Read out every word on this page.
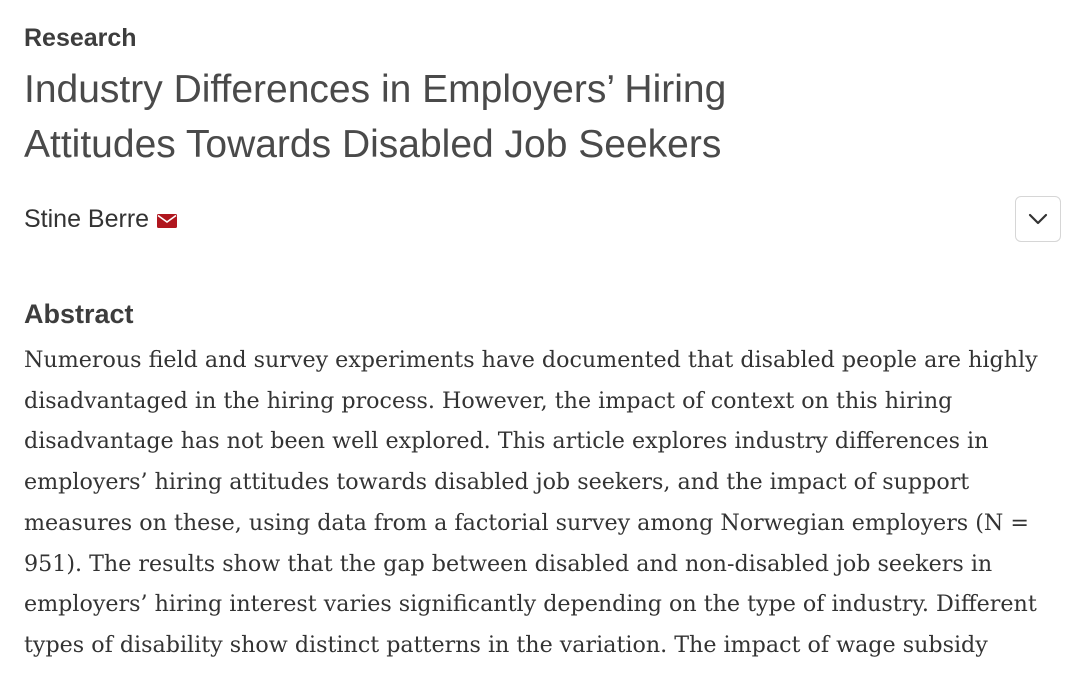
Research
Industry Differences in Employers’ Hiring Attitudes Towards Disabled Job Seekers
Stine Berre
Abstract

Numerous field and survey experiments have documented that disabled people are highly disadvantaged in the hiring process. However, the impact of context on this hiring disadvantage has not been well explored. This article explores industry differences in employers’ hiring attitudes towards disabled job seekers, and the impact of support measures on these, using data from a factorial survey among Norwegian employers (N = 951). The results show that the gap between disabled and non-disabled job seekers in employers’ hiring interest varies significantly depending on the type of industry. Different types of disability show distinct patterns in the variation. The impact of wage subsidy
